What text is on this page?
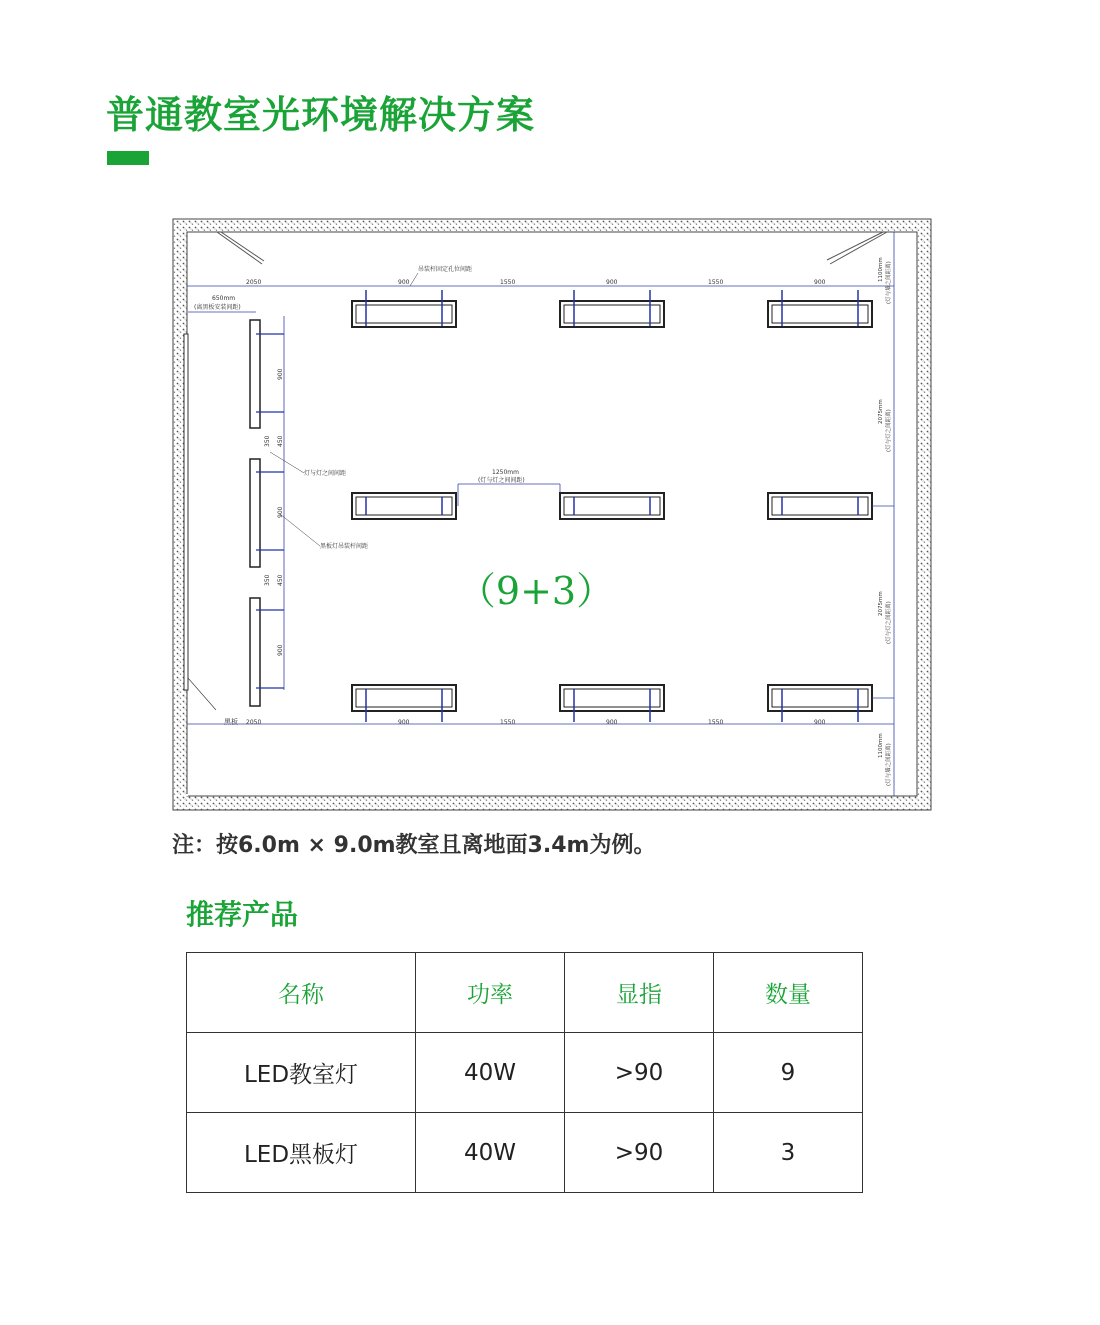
普通教室光环境解决方案
黑板
2050	900	1550	900	1550	900
吊装杆固定孔位间距
2050	900	1550	900	1550	900
650mm
(离黑板安装间距)
灯与灯之间间距
黑板灯吊装杆间距
900
350 450
900
350 450
900
1100mm (灯与墙之间距离)
2075mm (灯与灯之间距离)
2075mm (灯与灯之间距离)
1100mm (灯与墙之间距离)
1250mm
(灯与灯之间间距)
（9+3）

注：按6.0m × 9.0m教室且离地面3.4m为例。

推荐产品
名称	功率	显指	数量
LED教室灯	40W	>90	9
LED黑板灯	40W	>90	3
